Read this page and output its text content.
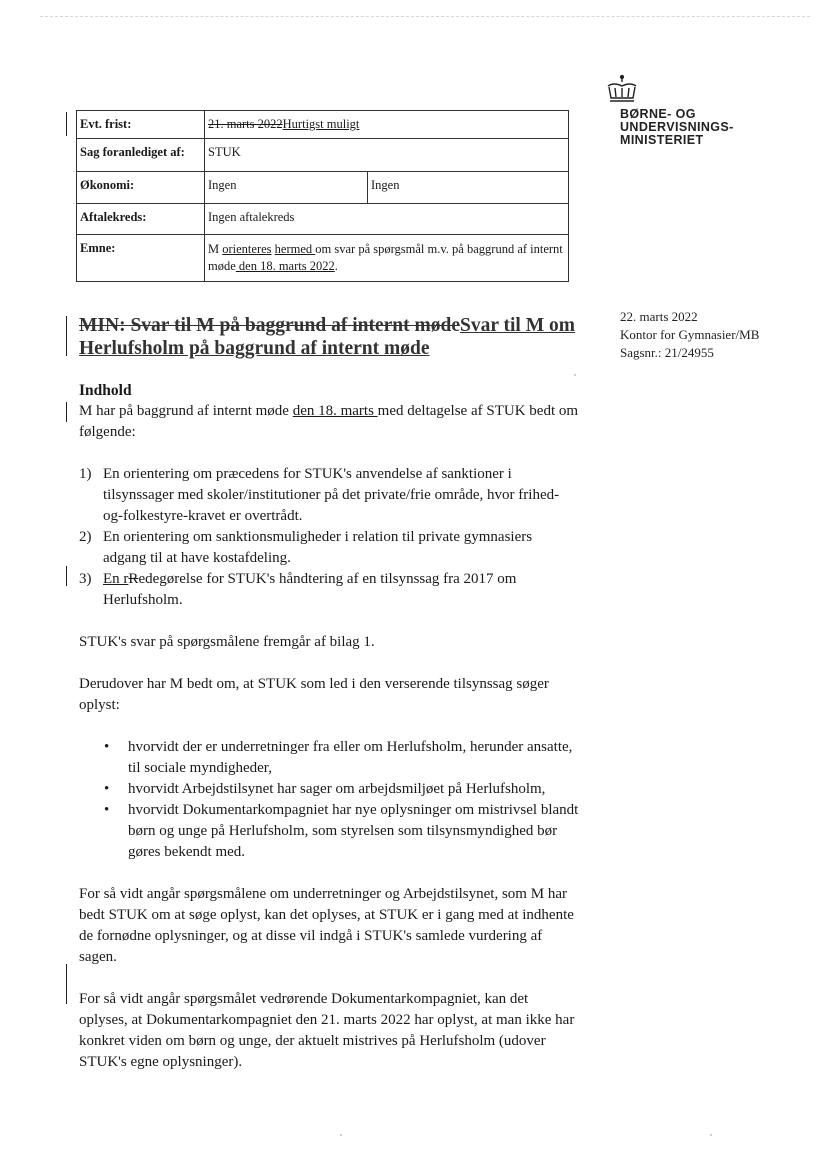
BØRNE- OG
UNDERVISNINGS-
MINISTERIET
Evt. frist:	21. marts 2022Hurtigst muligt	
Sag foranlediget af:	STUK	
Økonomi:	Ingen	Ingen
Aftalekreds:	Ingen aftalekreds	
Emne:	M orienteres hermed om svar på spørgsmål m.v. på baggrund af internt møde den 18. marts 2022.	
22. marts 2022
Kontor for Gymnasier/MB
Sagsnr.: 21/24955
MIN: Svar til M på baggrund af internt mødeSvar til M om Herlufsholm på baggrund af internt møde
Indhold

M har på baggrund af internt møde den 18. marts med deltagelse af STUK bedt om følgende:

1) En orientering om præcedens for STUK's anvendelse af sanktioner i tilsynssager med skoler/institutioner på det private/frie område, hvor frihed-og-folkestyre-kravet er overtrådt.
2) En orientering om sanktionsmuligheder i relation til private gymnasiers adgang til at have kostafdeling.
3) En rRedegørelse for STUK's håndtering af en tilsynssag fra 2017 om Herlufsholm.

STUK's svar på spørgsmålene fremgår af bilag 1.

Derudover har M bedt om, at STUK som led i den verserende tilsynssag søger oplyst:

• hvorvidt der er underretninger fra eller om Herlufsholm, herunder ansatte, til sociale myndigheder,
• hvorvidt Arbejdstilsynet har sager om arbejdsmiljøet på Herlufsholm,
• hvorvidt Dokumentarkompagniet har nye oplysninger om mistrivsel blandt børn og unge på Herlufsholm, som styrelsen som tilsynsmyndighed bør gøres bekendt med.

For så vidt angår spørgsmålene om underretninger og Arbejdstilsynet, som M har bedt STUK om at søge oplyst, kan det oplyses, at STUK er i gang med at indhente de fornødne oplysninger, og at disse vil indgå i STUK's samlede vurdering af sagen.

For så vidt angår spørgsmålet vedrørende Dokumentarkompagniet, kan det oplyses, at Dokumentarkompagniet den 21. marts 2022 har oplyst, at man ikke har konkret viden om børn og unge, der aktuelt mistrives på Herlufsholm (udover STUK's egne oplysninger).
